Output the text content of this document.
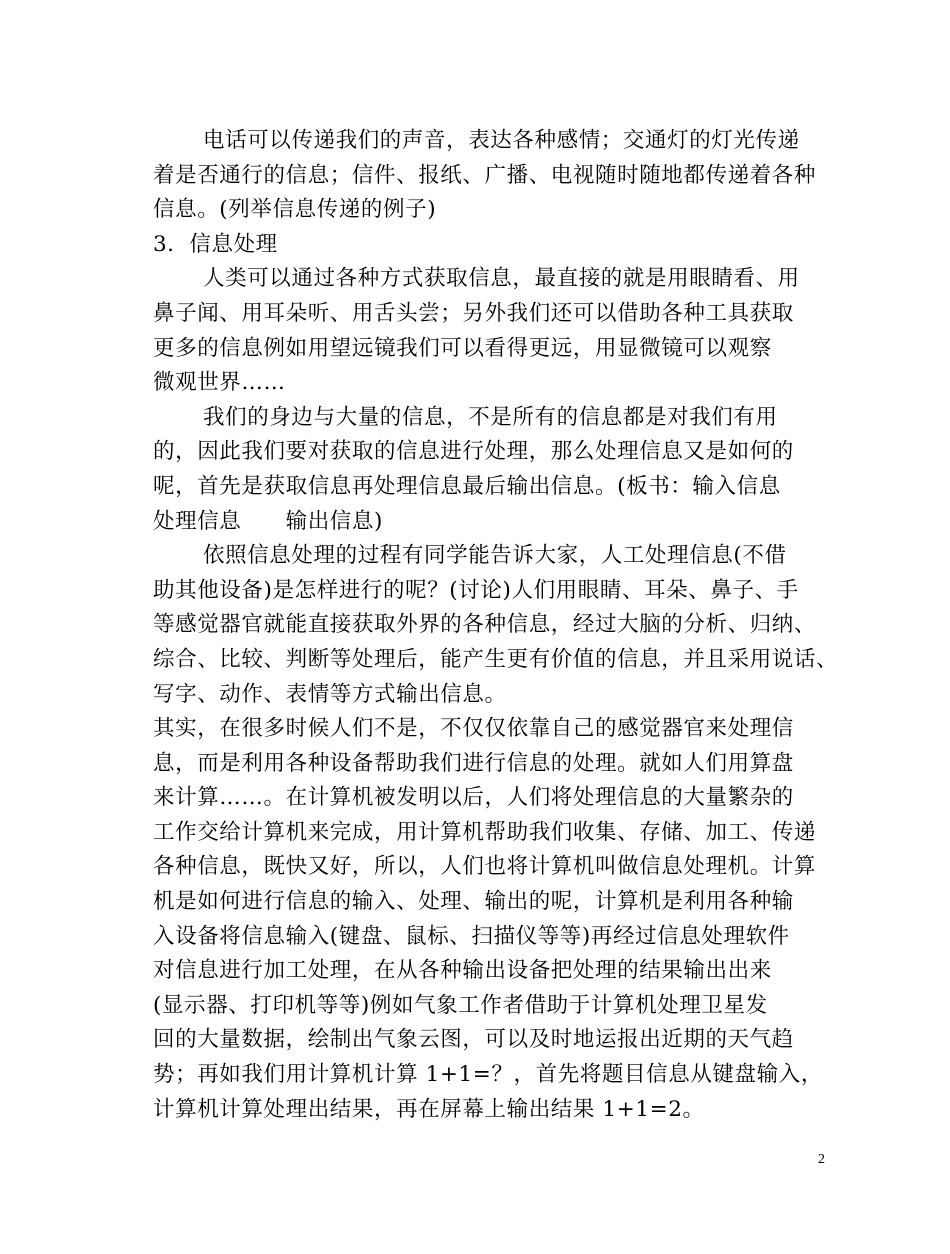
电话可以传递我们的声音，表达各种感情；交通灯的灯光传递
着是否通行的信息；信件、报纸、广播、电视随时随地都传递着各种
信息。(列举信息传递的例子)
3．信息处理
人类可以通过各种方式获取信息，最直接的就是用眼睛看、用
鼻子闻、用耳朵听、用舌头尝；另外我们还可以借助各种工具获取
更多的信息例如用望远镜我们可以看得更远，用显微镜可以观察
微观世界……
我们的身边与大量的信息，不是所有的信息都是对我们有用
的，因此我们要对获取的信息进行处理，那么处理信息又是如何的
呢，首先是获取信息再处理信息最后输出信息。(板书：输入信息
处理信息　　输出信息)
依照信息处理的过程有同学能告诉大家，人工处理信息(不借
助其他设备)是怎样进行的呢？(讨论)人们用眼睛、耳朵、鼻子、手
等感觉器官就能直接获取外界的各种信息，经过大脑的分析、归纳、
综合、比较、判断等处理后，能产生更有价值的信息，并且采用说话、
写字、动作、表情等方式输出信息。
其实，在很多时候人们不是，不仅仅依靠自己的感觉器官来处理信
息，而是利用各种设备帮助我们进行信息的处理。就如人们用算盘
来计算……。在计算机被发明以后，人们将处理信息的大量繁杂的
工作交给计算机来完成，用计算机帮助我们收集、存储、加工、传递
各种信息，既快又好，所以，人们也将计算机叫做信息处理机。计算
机是如何进行信息的输入、处理、输出的呢，计算机是利用各种输
入设备将信息输入(键盘、鼠标、扫描仪等等)再经过信息处理软件
对信息进行加工处理，在从各种输出设备把处理的结果输出出来
(显示器、打印机等等)例如气象工作者借助于计算机处理卫星发
回的大量数据，绘制出气象云图，可以及时地运报出近期的天气趋
势；再如我们用计算机计算 1+1=？，首先将题目信息从键盘输入，
计算机计算处理出结果，再在屏幕上输出结果 1+1=2。
2
